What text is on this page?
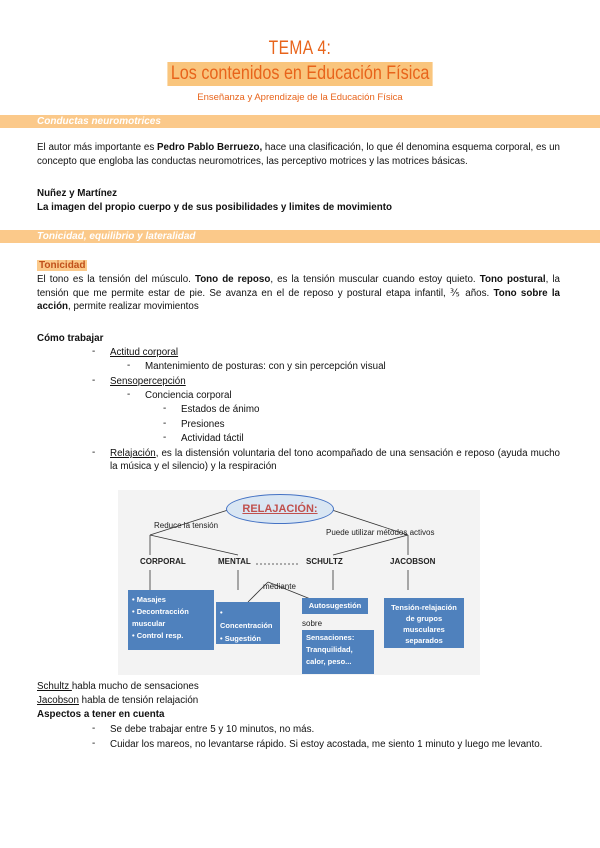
TEMA 4:
Los contenidos en Educación Física
Enseñanza y Aprendizaje de la Educación Física
Conductas neuromotrices
El autor más importante es Pedro Pablo Berruezo, hace una clasificación, lo que él denomina esquema corporal, es un concepto que engloba las conductas neuromotrices, las perceptivo motrices y las motrices básicas.
Nuñez y Martínez
La imagen del propio cuerpo y de sus posibilidades y limites de movimiento
Tonicidad, equilibrio y lateralidad
Tonicidad
El tono es la tensión del músculo. Tono de reposo, es la tensión muscular cuando estoy quieto. Tono postural, la tensión que me permite estar de pie. Se avanza en el de reposo y postural etapa infantil, ⅗ años. Tono sobre la acción, permite realizar movimientos
Cómo trabajar
- Actitud corporal
- Mantenimiento de posturas: con y sin percepción visual
- Sensopercepción
- Conciencia corporal
- Estados de ánimo
- Presiones
- Actividad táctil
- Relajación, es la distensión voluntaria del tono acompañado de una sensación e reposo (ayuda mucho la música y el silencio) y la respiración
RELAJACIÓN:
Reduce la tensión
Puede utilizar métodos activos
CORPORAL	MENTAL	SCHULTZ	JACOBSON
mediante
sobre
• Masajes
• Decontracción muscular
• Control resp.
• Concentración
• Sugestión
Autosugestión
Sensaciones:
Tranquilidad, calor, peso...
Tensión-relajación de grupos musculares separados
Schultz habla mucho de sensaciones
Jacobson habla de tensión relajación
Aspectos a tener en cuenta
- Se debe trabajar entre 5 y 10 minutos, no más.
- Cuidar los mareos, no levantarse rápido. Si estoy acostada, me siento 1 minuto y luego me levanto.
